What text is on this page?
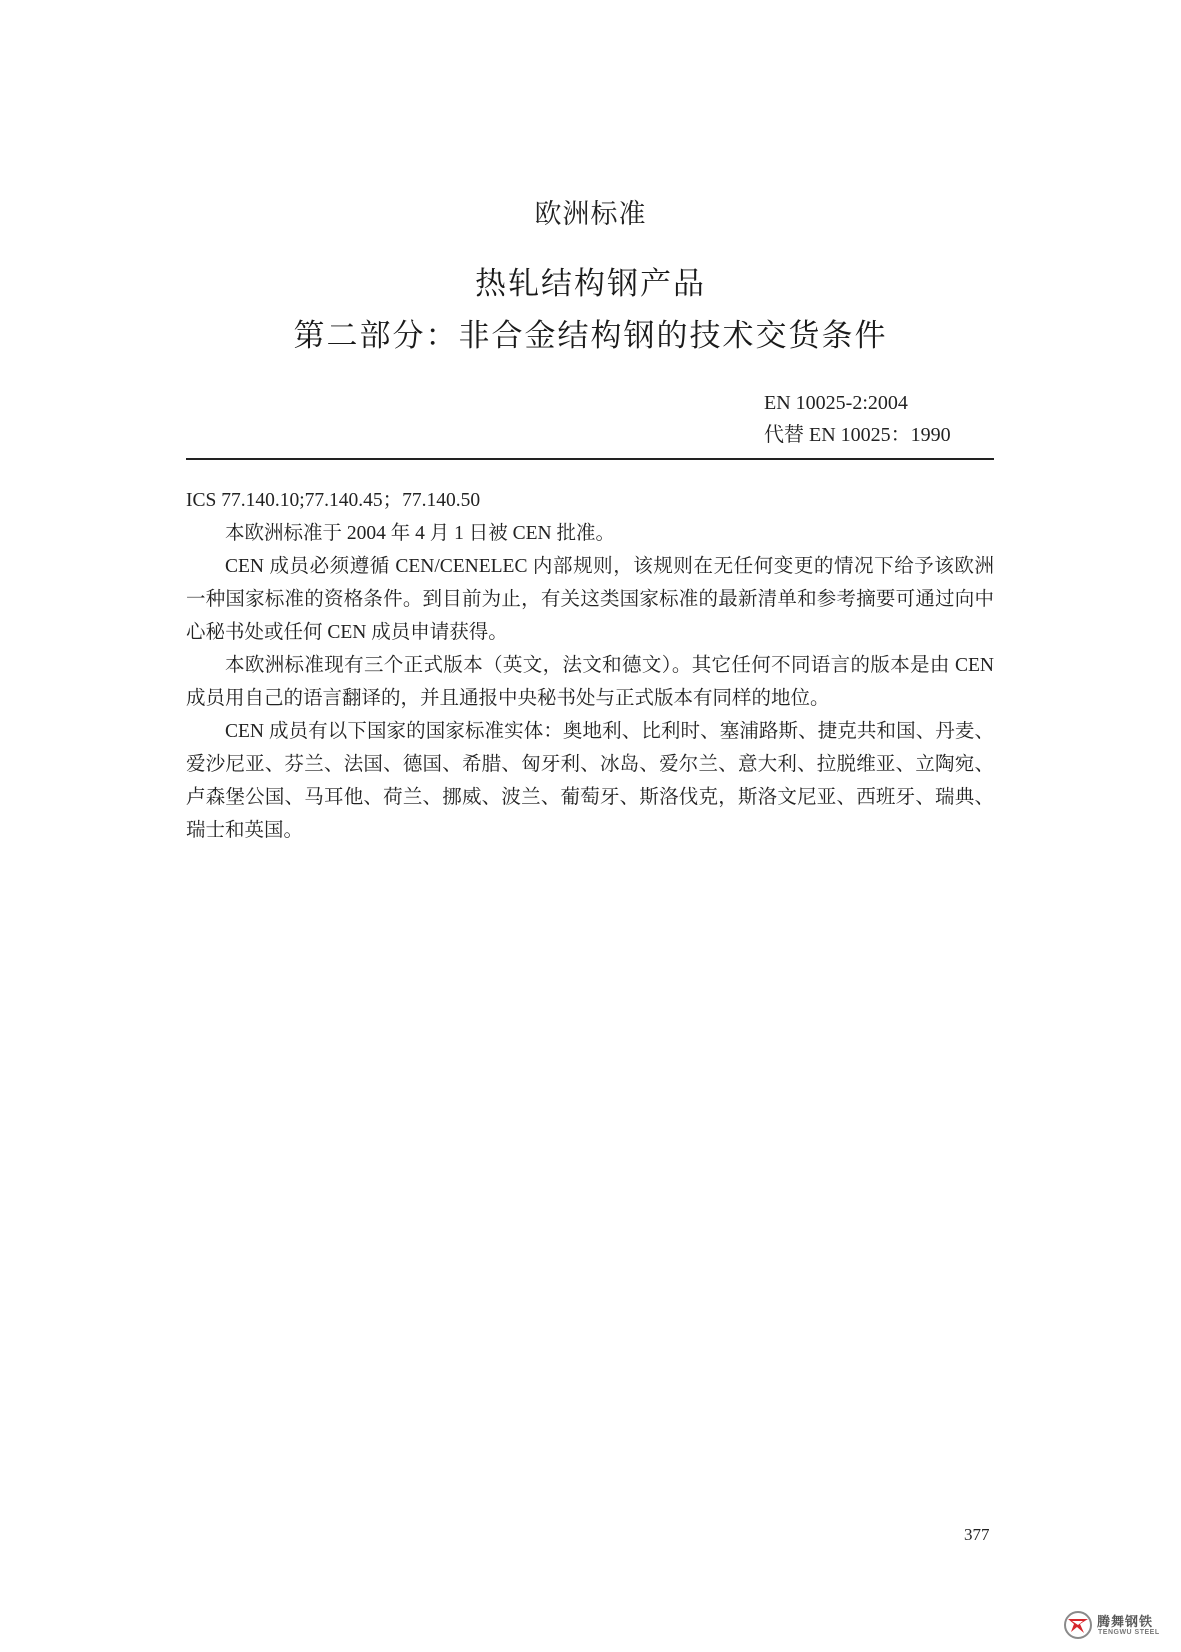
欧洲标准
热轧结构钢产品
第二部分：非合金结构钢的技术交货条件
EN 10025-2:2004
代替 EN 10025：1990

ICS 77.140.10;77.140.45；77.140.50

本欧洲标准于 2004 年 4 月 1 日被 CEN 批准。

CEN 成员必须遵循 CEN/CENELEC 内部规则，该规则在无任何变更的情况下给予该欧洲一种国家标准的资格条件。到目前为止，有关这类国家标准的最新清单和参考摘要可通过向中心秘书处或任何 CEN 成员申请获得。

本欧洲标准现有三个正式版本（英文，法文和德文）。其它任何不同语言的版本是由 CEN 成员用自己的语言翻译的，并且通报中央秘书处与正式版本有同样的地位。

CEN 成员有以下国家的国家标准实体：奥地利、比利时、塞浦路斯、捷克共和国、丹麦、爱沙尼亚、芬兰、法国、德国、希腊、匈牙利、冰岛、爱尔兰、意大利、拉脱维亚、立陶宛、卢森堡公国、马耳他、荷兰、挪威、波兰、葡萄牙、斯洛伐克，斯洛文尼亚、西班牙、瑞典、瑞士和英国。

377
腾舞钢铁
TENGWU STEEL
